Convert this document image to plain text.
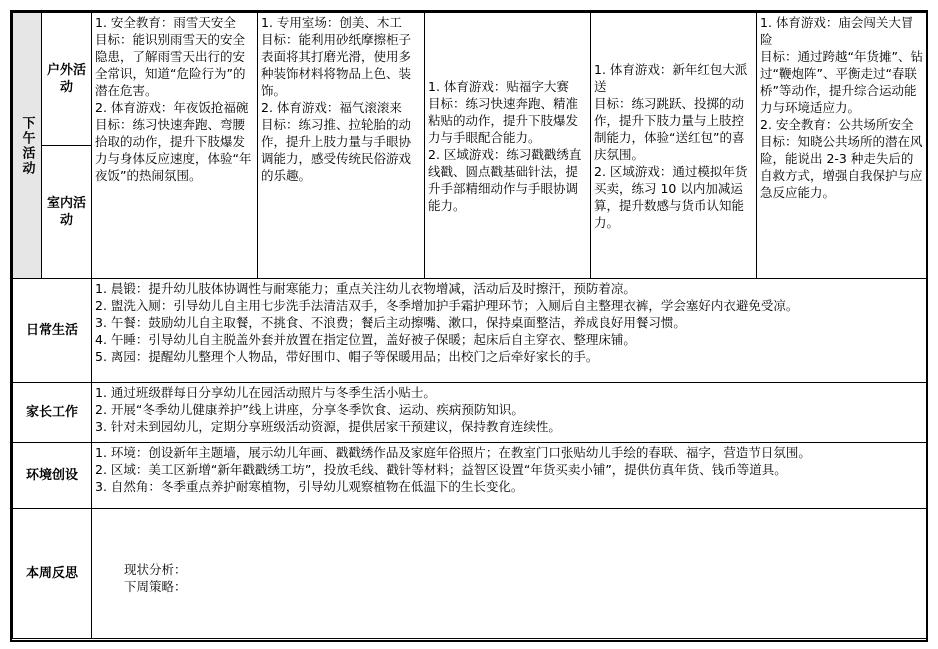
下午活动	户外活动	1. 安全教育：雨雪天安全
目标：能识别雨雪天的安全隐患，了解雨雪天出行的安全常识，知道“危险行为”的潜在危害。
2. 体育游戏：年夜饭抢福碗
目标：练习快速奔跑、弯腰拾取的动作，提升下肢爆发力与身体反应速度，体验“年夜饭”的热闹氛围。	1. 专用室场：创美、木工
目标：能利用砂纸摩擦柜子表面将其打磨光滑，使用多种装饰材料将物品上色、装饰。
2. 体育游戏：福气滚滚来
目标：练习推、拉轮胎的动作，提升上肢力量与手眼协调能力，感受传统民俗游戏的乐趣。	1. 体育游戏：贴福字大赛
目标：练习快速奔跑、精准粘贴的动作，提升下肢爆发力与手眼配合能力。
2. 区域游戏：练习戳戳绣直线戳、圆点戳基础针法，提升手部精细动作与手眼协调能力。	1. 体育游戏：新年红包大派送
目标：练习跳跃、投掷的动作，提升下肢力量与上肢控制能力，体验“送红包”的喜庆氛围。
2. 区域游戏：通过模拟年货买卖，练习 10 以内加减运算，提升数感与货币认知能力。	1. 体育游戏：庙会闯关大冒险
目标：通过跨越“年货摊”、钻过“鞭炮阵”、平衡走过“春联桥”等动作，提升综合运动能力与环境适应力。
2. 安全教育：公共场所安全
目标：知晓公共场所的潜在风险，能说出 2-3 种走失后的自救方式，增强自我保护与应急反应能力。

	室内活动					
日常生活		1. 晨锻：提升幼儿肢体协调性与耐寒能力；重点关注幼儿衣物增减，活动后及时擦汗，预防着凉。
2. 盥洗入厕：引导幼儿自主用七步洗手法清洁双手，冬季增加护手霜护理环节；入厕后自主整理衣裤，学会塞好内衣避免受凉。
3. 午餐：鼓励幼儿自主取餐，不挑食、不浪费；餐后主动擦嘴、漱口，保持桌面整洁，养成良好用餐习惯。
4. 午睡：引导幼儿自主脱盖外套并放置在指定位置，盖好被子保暖；起床后自主穿衣、整理床铺。
5. 离园：提醒幼儿整理个人物品，带好围巾、帽子等保暖用品；出校门之后牵好家长的手。				

家长工作		1. 通过班级群每日分享幼儿在园活动照片与冬季生活小贴士。
2. 开展“冬季幼儿健康养护”线上讲座，分享冬季饮食、运动、疾病预防知识。
3. 针对未到园幼儿，定期分享班级活动资源，提供居家干预建议，保持教育连续性。				

环境创设		1. 环境：创设新年主题墙，展示幼儿年画、戳戳绣作品及家庭年俗照片；在教室门口张贴幼儿手绘的春联、福字，营造节日氛围。
2. 区域：美工区新增“新年戳戳绣工坊”，投放毛线、戳针等材料；益智区设置“年货买卖小铺”，提供仿真年货、钱币等道具。
3. 自然角：冬季重点养护耐寒植物，引导幼儿观察植物在低温下的生长变化。				

本周反思		现状分析：
下周策略：				
